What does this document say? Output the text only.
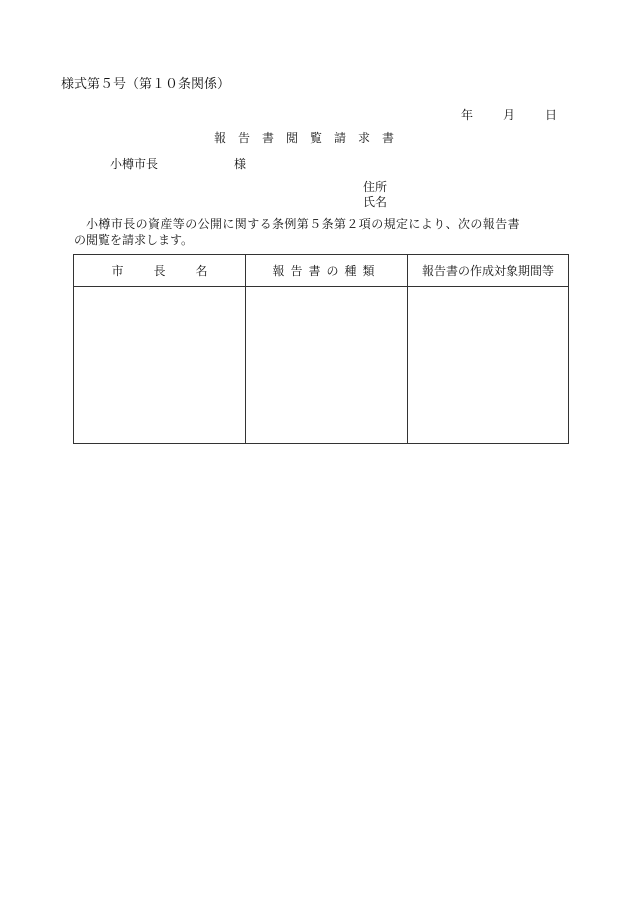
様式第５号（第１０条関係）
年 月 日
報告書閲覧請求書
小樽市長	様
住所
氏名
小樽市長の資産等の公開に関する条例第５条第２項の規定により、次の報告書
の閲覧を請求します。
市長名	報告書の種類	報告書の作成対象期間等
